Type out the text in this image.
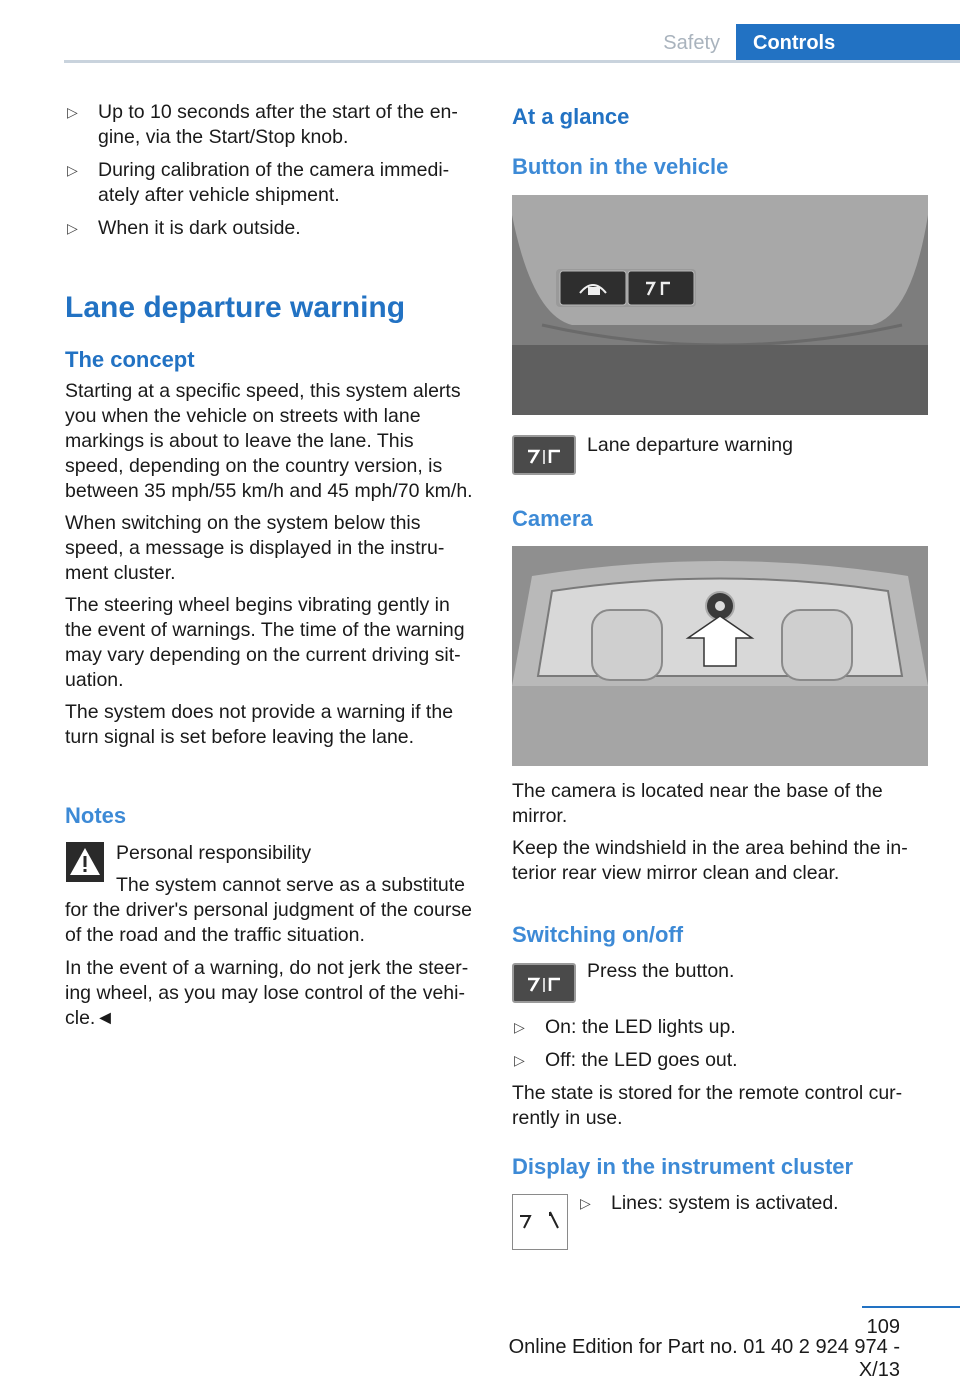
Safety	Controls
▷	Up to 10 seconds after the start of the en-gine, via the Start/Stop knob.
▷	During calibration of the camera immedi-ately after vehicle shipment.
▷	When it is dark outside.
Lane departure warning
The concept
Starting at a specific speed, this system alerts you when the vehicle on streets with lane markings is about to leave the lane. This speed, depending on the country version, is between 35 mph/55 km/h and 45 mph/70 km/h.
When switching on the system below this speed, a message is displayed in the instru-ment cluster.
The steering wheel begins vibrating gently in the event of warnings. The time of the warning may vary depending on the current driving sit-uation.
The system does not provide a warning if the turn signal is set before leaving the lane.
Notes
Personal responsibility
The system cannot serve as a substitute for the driver's personal judgment of the course of the road and the traffic situation.
In the event of a warning, do not jerk the steer-ing wheel, as you may lose control of the vehi-cle.◄
At a glance
Button in the vehicle
Lane departure warning
Camera
The camera is located near the base of the mirror.
Keep the windshield in the area behind the in-terior rear view mirror clean and clear.
Switching on/off
Press the button.
▷	On: the LED lights up.
▷	Off: the LED goes out.
The state is stored for the remote control cur-rently in use.
Display in the instrument cluster
▷	Lines: system is activated.
109
Online Edition for Part no. 01 40 2 924 974 - X/13
